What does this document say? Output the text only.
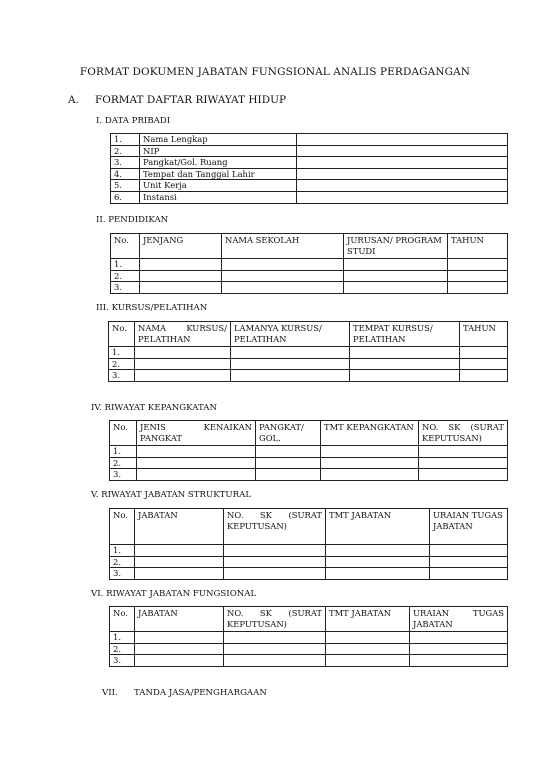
FORMAT DOKUMEN JABATAN FUNGSIONAL ANALIS PERDAGANGAN
A. FORMAT DAFTAR RIWAYAT HIDUP
I. DATA PRIBADI
1.	Nama Lengkap	
2.	NIP	
3.	Pangkat/Gol. Ruang	
4.	Tempat dan Tanggal Lahir	
5.	Unit Kerja	
6.	Instansi	
II. PENDIDIKAN
No.	JENJANG	NAMA SEKOLAH	JURUSAN/ PROGRAM STUDI	TAHUN
1.				
2.				
3.				
III. KURSUS/PELATIHAN
No.	NAMA KURSUS/ PELATIHAN	LAMANYA KURSUS/ PELATIHAN	TEMPAT KURSUS/ PELATIHAN	TAHUN
1.				
2.				
3.				
IV. RIWAYAT KEPANGKATAN
No.	JENIS KENAIKAN PANGKAT	PANGKAT/ GOL.	TMT KEPANGKATAN	NO. SK (SURAT KEPUTUSAN)
1.				
2.				
3.				
V. RIWAYAT JABATAN STRUKTURAL
No.	JABATAN	NO. SK (SURAT KEPUTUSAN)	TMT JABATAN	URAIAN TUGAS JABATAN
1.				
2.				
3.				
VI. RIWAYAT JABATAN FUNGSIONAL
No.	JABATAN	NO. SK (SURAT KEPUTUSAN)	TMT JABATAN	URAIAN TUGAS JABATAN
1.				
2.				
3.				
VII. TANDA JASA/PENGHARGAAN
